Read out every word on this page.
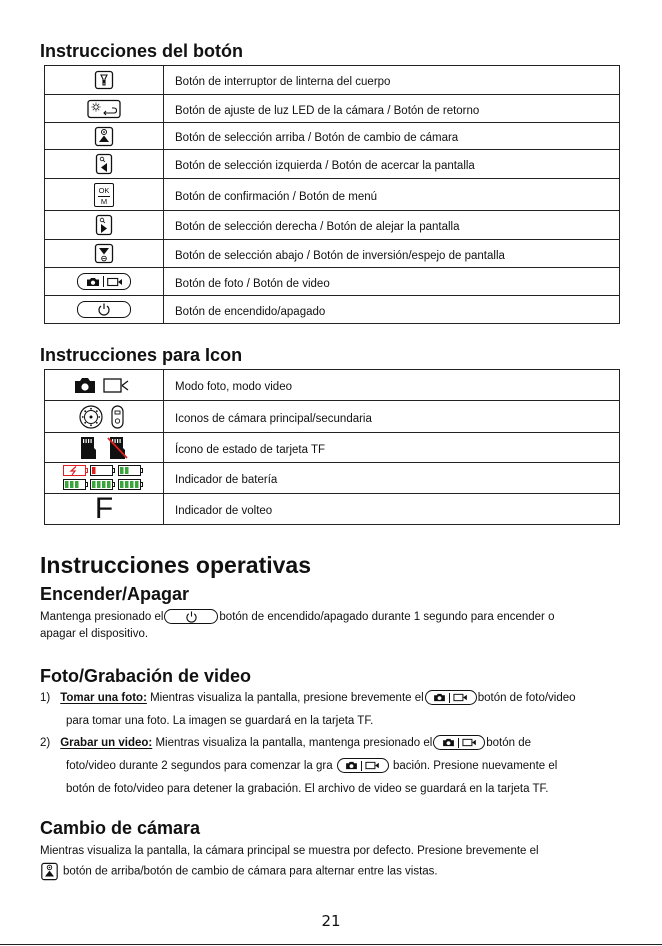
Instrucciones del botón
	Botón de interruptor de linterna del cuerpo

	Botón de ajuste de luz LED de la cámara / Botón de retorno

	Botón de selección arriba / Botón de cambio de cámara

	Botón de selección izquierda / Botón de acercar la pantalla

$\frac{OK}{M}$	Botón de confirmación / Botón de menú

	Botón de selección derecha / Botón de alejar la pantalla

	Botón de selección abajo / Botón de inversión/espejo de pantalla

	Botón de foto / Botón de video

	Botón de encendido/apagado
Instrucciones para Icon
	Modo foto, modo video

	Iconos de cámara principal/secundaria

	Ícono de estado de tarjeta TF

	Indicador de batería
F	Indicador de volteo
Instrucciones operativas
Encender/Apagar

Mantenga presionado el	botón de encendido/apagado durante 1 segundo para encender o

apagar el dispositivo.

Foto/Grabación de video

1) Tomar una foto: Mientras visualiza la pantalla, presione brevemente el	botón de foto/video

para tomar una foto. La imagen se guardará en la tarjeta TF.

2) Grabar un video: Mientras visualiza la pantalla, mantenga presionado el	botón de

foto/video durante 2 segundos para comenzar la gra	bación. Presione nuevamente el

botón de foto/video para detener la grabación. El archivo de video se guardará en la tarjeta TF.

Cambio de cámara

Mientras visualiza la pantalla, la cámara principal se muestra por defecto. Presione brevemente el

botón de arriba/botón de cambio de cámara para alternar entre las vistas.

21
